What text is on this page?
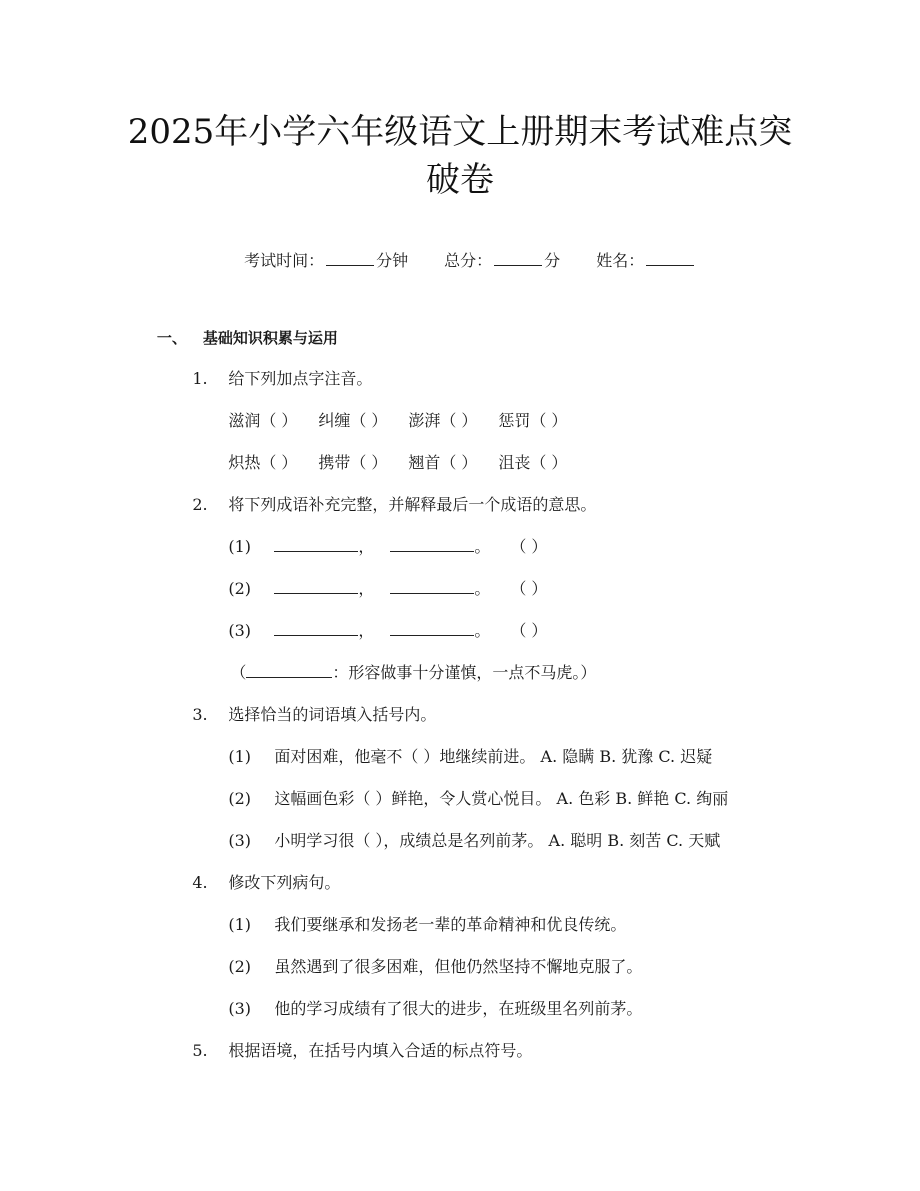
2025年小学六年级语文上册期末考试难点突
破卷

考试时间：	分钟 总分：	分 姓名：

一、 基础知识积累与运用

1. 给下列加点字注音。

滋润（ ） 纠缠（ ） 澎湃（ ） 惩罚（ ）

炽热（ ） 携带（ ） 翘首（ ） 沮丧（ ）

2. 将下列成语补充完整，并解释最后一个成语的意思。

(1)	，	。 （ ）

(2)	，	。 （ ）

(3)	，	。 （ ）

（	：形容做事十分谨慎，一点不马虎。）

3. 选择恰当的词语填入括号内。

(1) 面对困难，他毫不（ ）地继续前进。 A. 隐瞒 B. 犹豫 C. 迟疑

(2) 这幅画色彩（ ）鲜艳，令人赏心悦目。 A. 色彩 B. 鲜艳 C. 绚丽

(3) 小明学习很（ ），成绩总是名列前茅。 A. 聪明 B. 刻苦 C. 天赋

4. 修改下列病句。

(1) 我们要继承和发扬老一辈的革命精神和优良传统。

(2) 虽然遇到了很多困难，但他仍然坚持不懈地克服了。

(3) 他的学习成绩有了很大的进步，在班级里名列前茅。

5. 根据语境，在括号内填入合适的标点符号。
